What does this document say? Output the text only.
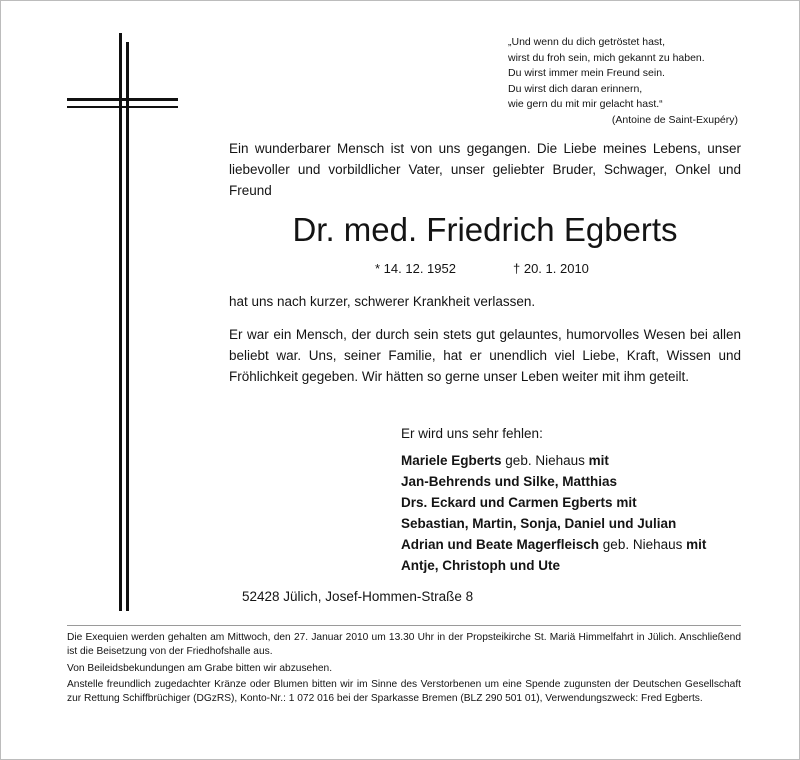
„Und wenn du dich getröstet hast,
wirst du froh sein, mich gekannt zu haben.
Du wirst immer mein Freund sein.
Du wirst dich daran erinnern,
wie gern du mit mir gelacht hast.“
(Antoine de Saint-Exupéry)
Ein wunderbarer Mensch ist von uns gegangen. Die Liebe meines Lebens, unser liebevoller und vorbildlicher Vater, unser geliebter Bruder, Schwager, Onkel und Freund
Dr. med. Friedrich Egberts
* 14. 12. 1952	† 20. 1. 2010
hat uns nach kurzer, schwerer Krankheit verlassen.
Er war ein Mensch, der durch sein stets gut gelauntes, humorvolles Wesen bei allen beliebt war. Uns, seiner Familie, hat er unendlich viel Liebe, Kraft, Wissen und Fröhlichkeit gegeben. Wir hätten so gerne unser Leben weiter mit ihm geteilt.
Er wird uns sehr fehlen:
Mariele Egberts geb. Niehaus mit
Jan-Behrends und Silke, Matthias
Drs. Eckard und Carmen Egberts mit
Sebastian, Martin, Sonja, Daniel und Julian
Adrian und Beate Magerfleisch geb. Niehaus mit
Antje, Christoph und Ute
52428 Jülich, Josef-Hommen-Straße 8
Die Exequien werden gehalten am Mittwoch, den 27. Januar 2010 um 13.30 Uhr in der Propsteikirche St. Mariä Himmelfahrt in Jülich. Anschließend ist die Beisetzung von der Friedhofshalle aus.
Von Beileidsbekundungen am Grabe bitten wir abzusehen.
Anstelle freundlich zugedachter Kränze oder Blumen bitten wir im Sinne des Verstorbenen um eine Spende zugunsten der Deutschen Gesellschaft zur Rettung Schiffbrüchiger (DGzRS), Konto-Nr.: 1 072 016 bei der Sparkasse Bremen (BLZ 290 501 01), Verwendungszweck: Fred Egberts.
